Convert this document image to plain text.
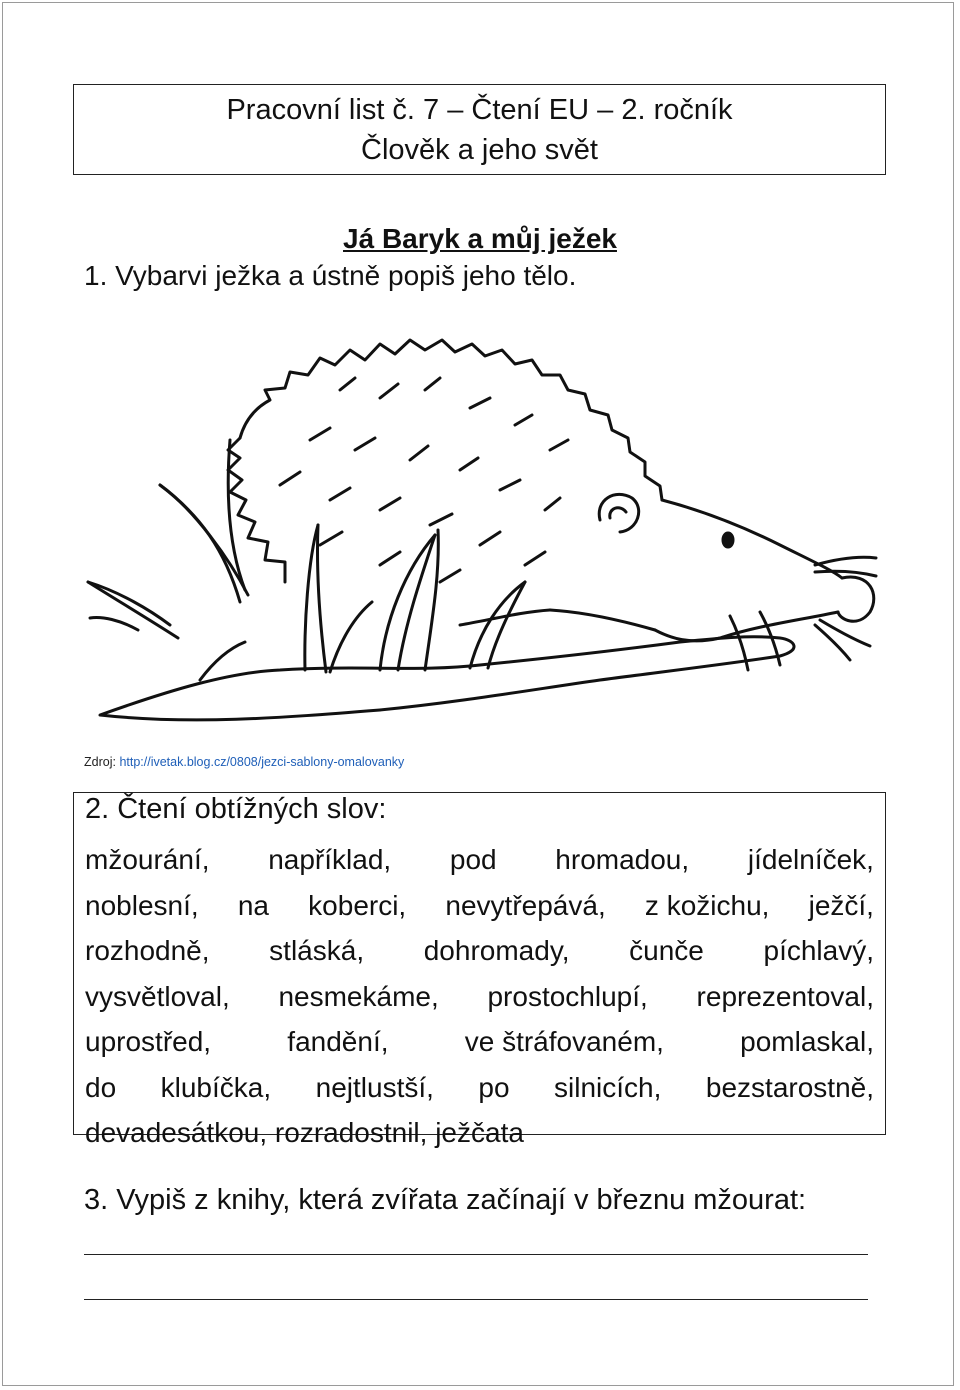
Pracovní list č. 7 – Čtení EU – 2. ročník
Člověk a jeho svět
Já Baryk a můj ježek
1. Vybarvi ježka a ústně popiš jeho tělo.
Zdroj: http://ivetak.blog.cz/0808/jezci-sablony-omalovanky
2. Čtení obtížných slov:
mžourání, například, pod hromadou, jídelníček,
noblesní, na koberci, nevytřepává, z kožichu, ježčí,
rozhodně, stláská, dohromady, čunče píchlavý,
vysvětloval, nesmekáme, prostochlupí, reprezentoval,
uprostřed,	fandění,	ve štráfovaném,	pomlaskal,
do klubíčka, nejtlustší, po silnicích, bezstarostně,
devadesátkou, rozradostnil, ježčata
3. Vypiš z knihy, která zvířata začínají v březnu mžourat:
